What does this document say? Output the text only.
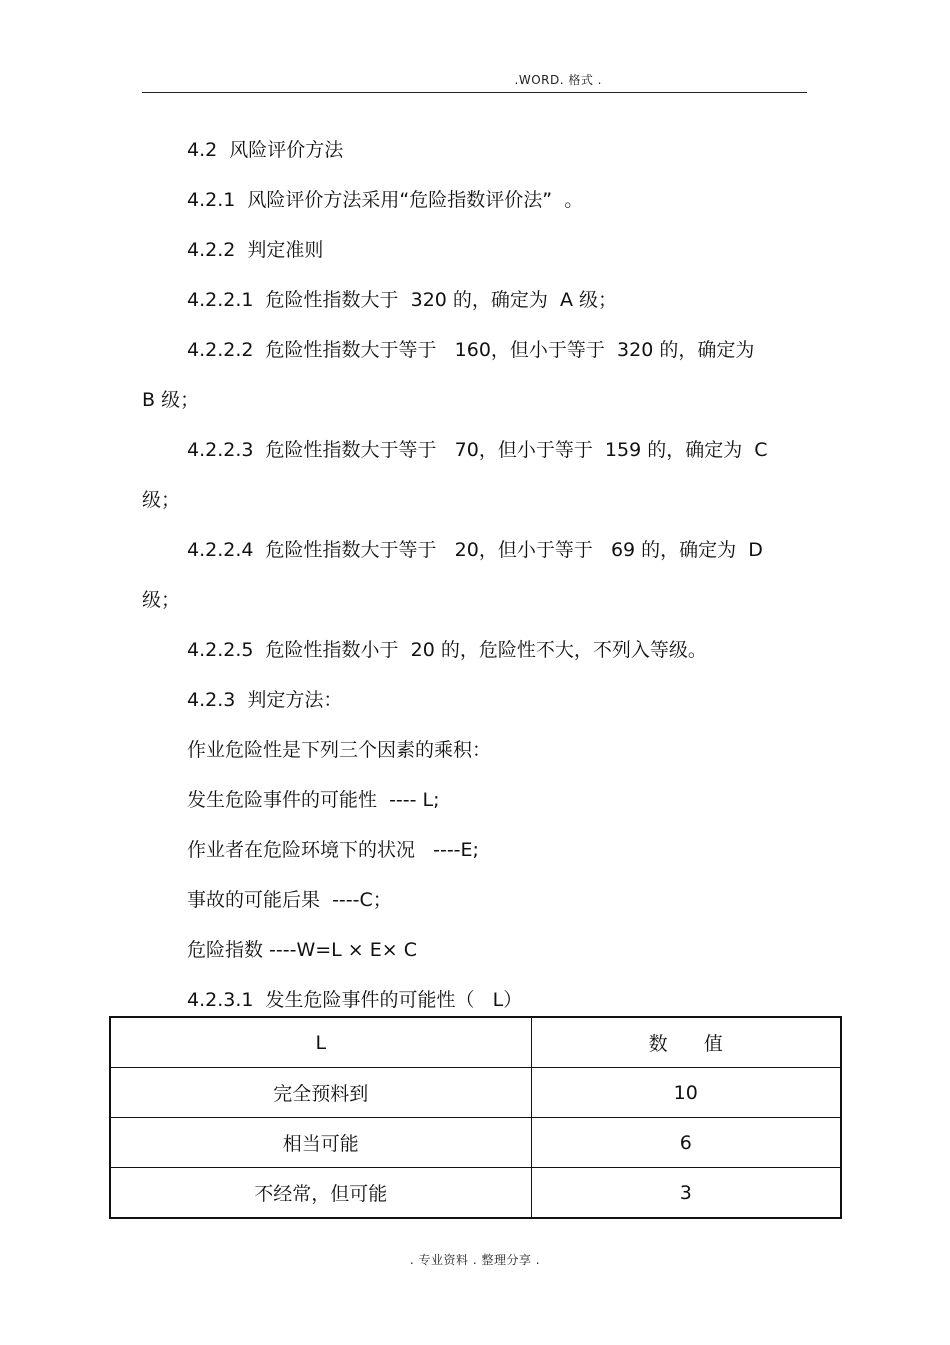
.WORD. 格式 .
4.2  风险评价方法
4.2.1  风险评价方法采用“危险指数评价法”  。
4.2.2  判定准则
4.2.2.1  危险性指数大于  320 的，确定为  A 级；
4.2.2.2  危险性指数大于等于   160，但小于等于  320 的，确定为
B 级；
4.2.2.3  危险性指数大于等于   70，但小于等于  159 的，确定为  C
级；
4.2.2.4  危险性指数大于等于   20，但小于等于   69 的，确定为  D
级；
4.2.2.5  危险性指数小于  20 的，危险性不大，不列入等级。
4.2.3  判定方法：
作业危险性是下列三个因素的乘积：
发生危险事件的可能性  ---- L;
作业者在危险环境下的状况   ----E;
事故的可能后果  ----C；
危险指数 ----W=L × E× C
4.2.3.1  发生危险事件的可能性（   L）
L	数      值
完全预料到	10
相当可能	6
不经常，但可能	3
. 专业资料 . 整理分享 .
